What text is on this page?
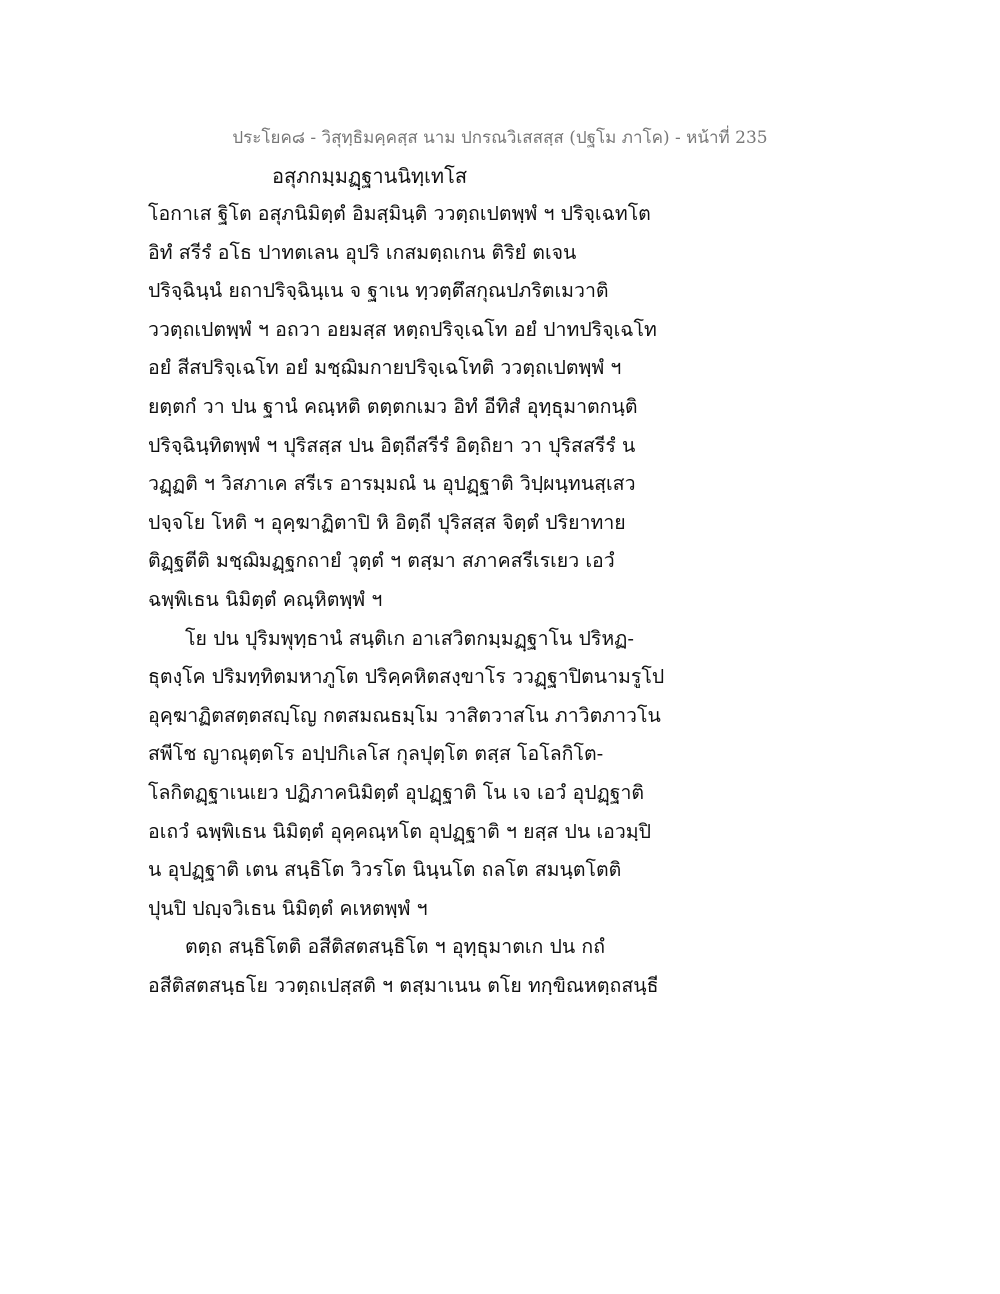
ประโยค๘ - วิสุทฺธิมคฺคสฺส นาม ปกรณวิเสสสฺส (ปฐโม ภาโค) - หน้าที่ 235
อสุภกมฺมฏฺฐานนิทฺเทโส
โอกาเส ฐิโต อสุภนิมิตฺตํ อิมสฺมินฺติ ววตฺถเปตพฺพํ ฯ ปริจฺเฉทโต
อิทํ สรีรํ อโธ ปาทตเลน อุปริ เกสมตฺถเกน ติริยํ ตเจน
ปริจฺฉินฺนํ ยถาปริจฺฉินฺเน จ ฐาเน ทฺวตฺตึสกุณปภริตเมวาติ
ววตฺถเปตพฺพํ ฯ อถวา อยมสฺส หตฺถปริจฺเฉโท อยํ ปาทปริจฺเฉโท
อยํ สีสปริจฺเฉโท อยํ มชฺฌิมกายปริจฺเฉโทติ ววตฺถเปตพฺพํ ฯ
ยตฺตกํ วา ปน ฐานํ คณฺหติ ตตฺตกเมว อิทํ อีทิสํ อุทฺธุมาตกนฺติ
ปริจฺฉินฺทิตพฺพํ ฯ ปุริสสฺส ปน อิตฺถีสรีรํ อิตฺถิยา วา ปุริสสรีรํ น
วฏฺฏติ ฯ วิสภาเค สรีเร อารมฺมณํ น อุปฏฺฐาติ วิปฺผนฺทนสฺเสว
ปจฺจโย โหติ ฯ อุคฺฆาฏิตาปิ หิ อิตฺถี ปุริสสฺส จิตฺตํ ปริยาทาย
ติฏฺฐตีติ มชฺฌิมฏฺฐกถายํ วุตฺตํ ฯ ตสฺมา สภาคสรีเรเยว เอวํ
ฉพฺพิเธน นิมิตฺตํ คณฺหิตพฺพํ ฯ
โย ปน ปุริมพุทฺธานํ สนฺติเก อาเสวิตกมฺมฏฺฐาโน ปริหฏ-
ธุตงฺโค ปริมทฺทิตมหาภูโต ปริคฺคหิตสงฺขาโร ววฏฺฐาปิตนามรูโป
อุคฺฆาฏิตสตฺตสญฺโญ กตสมณธมฺโม วาสิตวาสโน ภาวิตภาวโน
สพีโช ญาณุตฺตโร อปฺปกิเลโส กุลปุตฺโต ตสฺส โอโลกิโต-
โลกิตฏฺฐาเนเยว ปฏิภาคนิมิตฺตํ อุปฏฺฐาติ โน เจ เอวํ อุปฏฺฐาติ
อเถวํ ฉพฺพิเธน นิมิตฺตํ อุคฺคณฺหโต อุปฏฺฐาติ ฯ ยสฺส ปน เอวมฺปิ
น อุปฏฺฐาติ เตน สนฺธิโต วิวรโต นินฺนโต ถลโต สมนฺตโตติ
ปุนปิ ปญฺจวิเธน นิมิตฺตํ คเหตพฺพํ ฯ
ตตฺถ สนฺธิโตติ อสีติสตสนฺธิโต ฯ อุทฺธุมาตเก ปน กถํ
อสีติสตสนฺธโย ววตฺถเปสฺสติ ฯ ตสฺมาเนน ตโย ทกฺขิณหตฺถสนฺธี
